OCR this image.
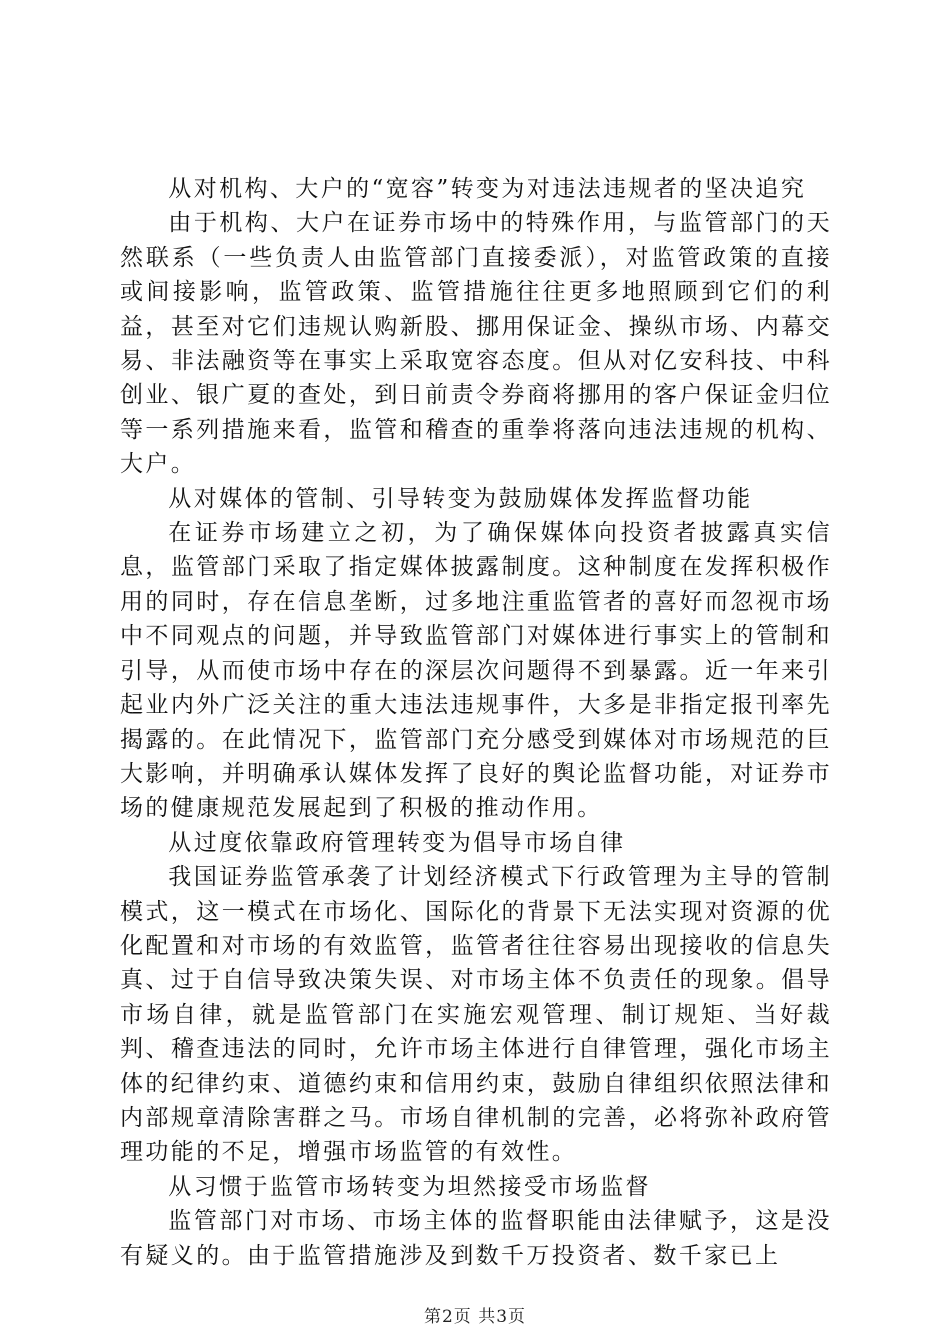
从对机构、大户的“宽容”转变为对违法违规者的坚决追究

由于机构、大户在证券市场中的特殊作用，与监管部门的天然联系（一些负责人由监管部门直接委派），对监管政策的直接或间接影响，监管政策、监管措施往往更多地照顾到它们的利益，甚至对它们违规认购新股、挪用保证金、操纵市场、内幕交易、非法融资等在事实上采取宽容态度。但从对亿安科技、中科创业、银广夏的查处，到日前责令券商将挪用的客户保证金归位等一系列措施来看，监管和稽查的重拳将落向违法违规的机构、大户。

从对媒体的管制、引导转变为鼓励媒体发挥监督功能

在证券市场建立之初，为了确保媒体向投资者披露真实信息，监管部门采取了指定媒体披露制度。这种制度在发挥积极作用的同时，存在信息垄断，过多地注重监管者的喜好而忽视市场中不同观点的问题，并导致监管部门对媒体进行事实上的管制和引导，从而使市场中存在的深层次问题得不到暴露。近一年来引起业内外广泛关注的重大违法违规事件，大多是非指定报刊率先揭露的。在此情况下，监管部门充分感受到媒体对市场规范的巨大影响，并明确承认媒体发挥了良好的舆论监督功能，对证券市场的健康规范发展起到了积极的推动作用。

从过度依靠政府管理转变为倡导市场自律

我国证券监管承袭了计划经济模式下行政管理为主导的管制模式，这一模式在市场化、国际化的背景下无法实现对资源的优化配置和对市场的有效监管，监管者往往容易出现接收的信息失真、过于自信导致决策失误、对市场主体不负责任的现象。倡导市场自律，就是监管部门在实施宏观管理、制订规矩、当好裁判、稽查违法的同时，允许市场主体进行自律管理，强化市场主体的纪律约束、道德约束和信用约束，鼓励自律组织依照法律和内部规章清除害群之马。市场自律机制的完善，必将弥补政府管理功能的不足，增强市场监管的有效性。

从习惯于监管市场转变为坦然接受市场监督

监管部门对市场、市场主体的监督职能由法律赋予，这是没有疑义的。由于监管措施涉及到数千万投资者、数千家已上

第2页 共3页
